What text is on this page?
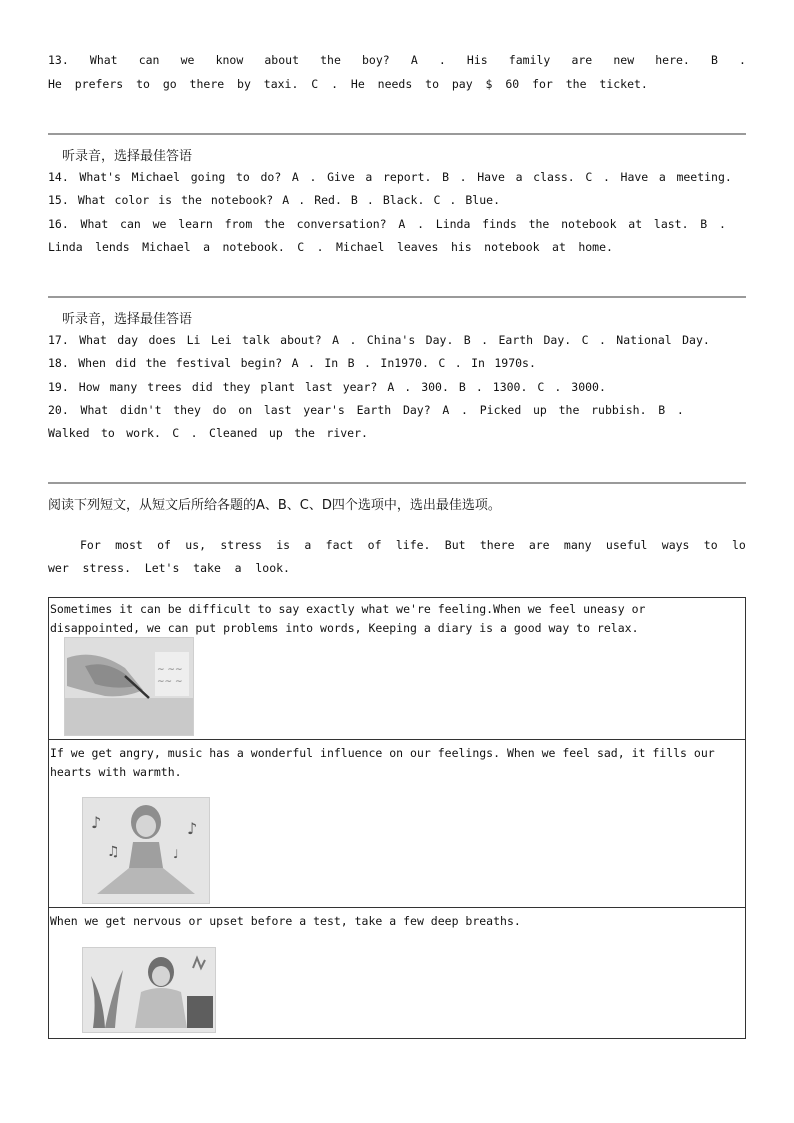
13. What can we know about the boy? A . His family are new here. B .
He prefers to go there by taxi. C . He needs to pay $ 60 for the ticket.
听录音，选择最佳答语
14. What's Michael going to do? A . Give a report. B . Have a class. C . Have a meeting.
15. What color is the notebook? A . Red. B . Black. C . Blue.
16. What can we learn from the conversation? A . Linda finds the notebook at last. B .
Linda lends Michael a notebook. C . Michael leaves his notebook at home.
听录音，选择最佳答语
17. What day does Li Lei talk about? A . China's Day. B . Earth Day. C . National Day.
18. When did the festival begin? A . In B . In1970. C . In 1970s.
19. How many trees did they plant last year? A . 300. B . 1300. C . 3000.
20. What didn't they do on last year's Earth Day? A . Picked up the rubbish. B .
Walked to work. C . Cleaned up the river.
阅读下列短文，从短文后所给各题的A、B、C、D四个选项中，选出最佳选项。
For most of us, stress is a fact of life. But there are many useful ways to lo
wer stress. Let's take a look.
Sometimes it can be difficult to say exactly what we're feeling.When we feel uneasy or disappointed, we can put problems into words, Keeping a diary is a good way to relax.
~ ~~
~~ ~
If we get angry, music has a wonderful influence on our feelings. When we feel sad, it fills our hearts with warmth.
♪
♫
♪
♩
When we get nervous or upset before a test, take a few deep breaths.
